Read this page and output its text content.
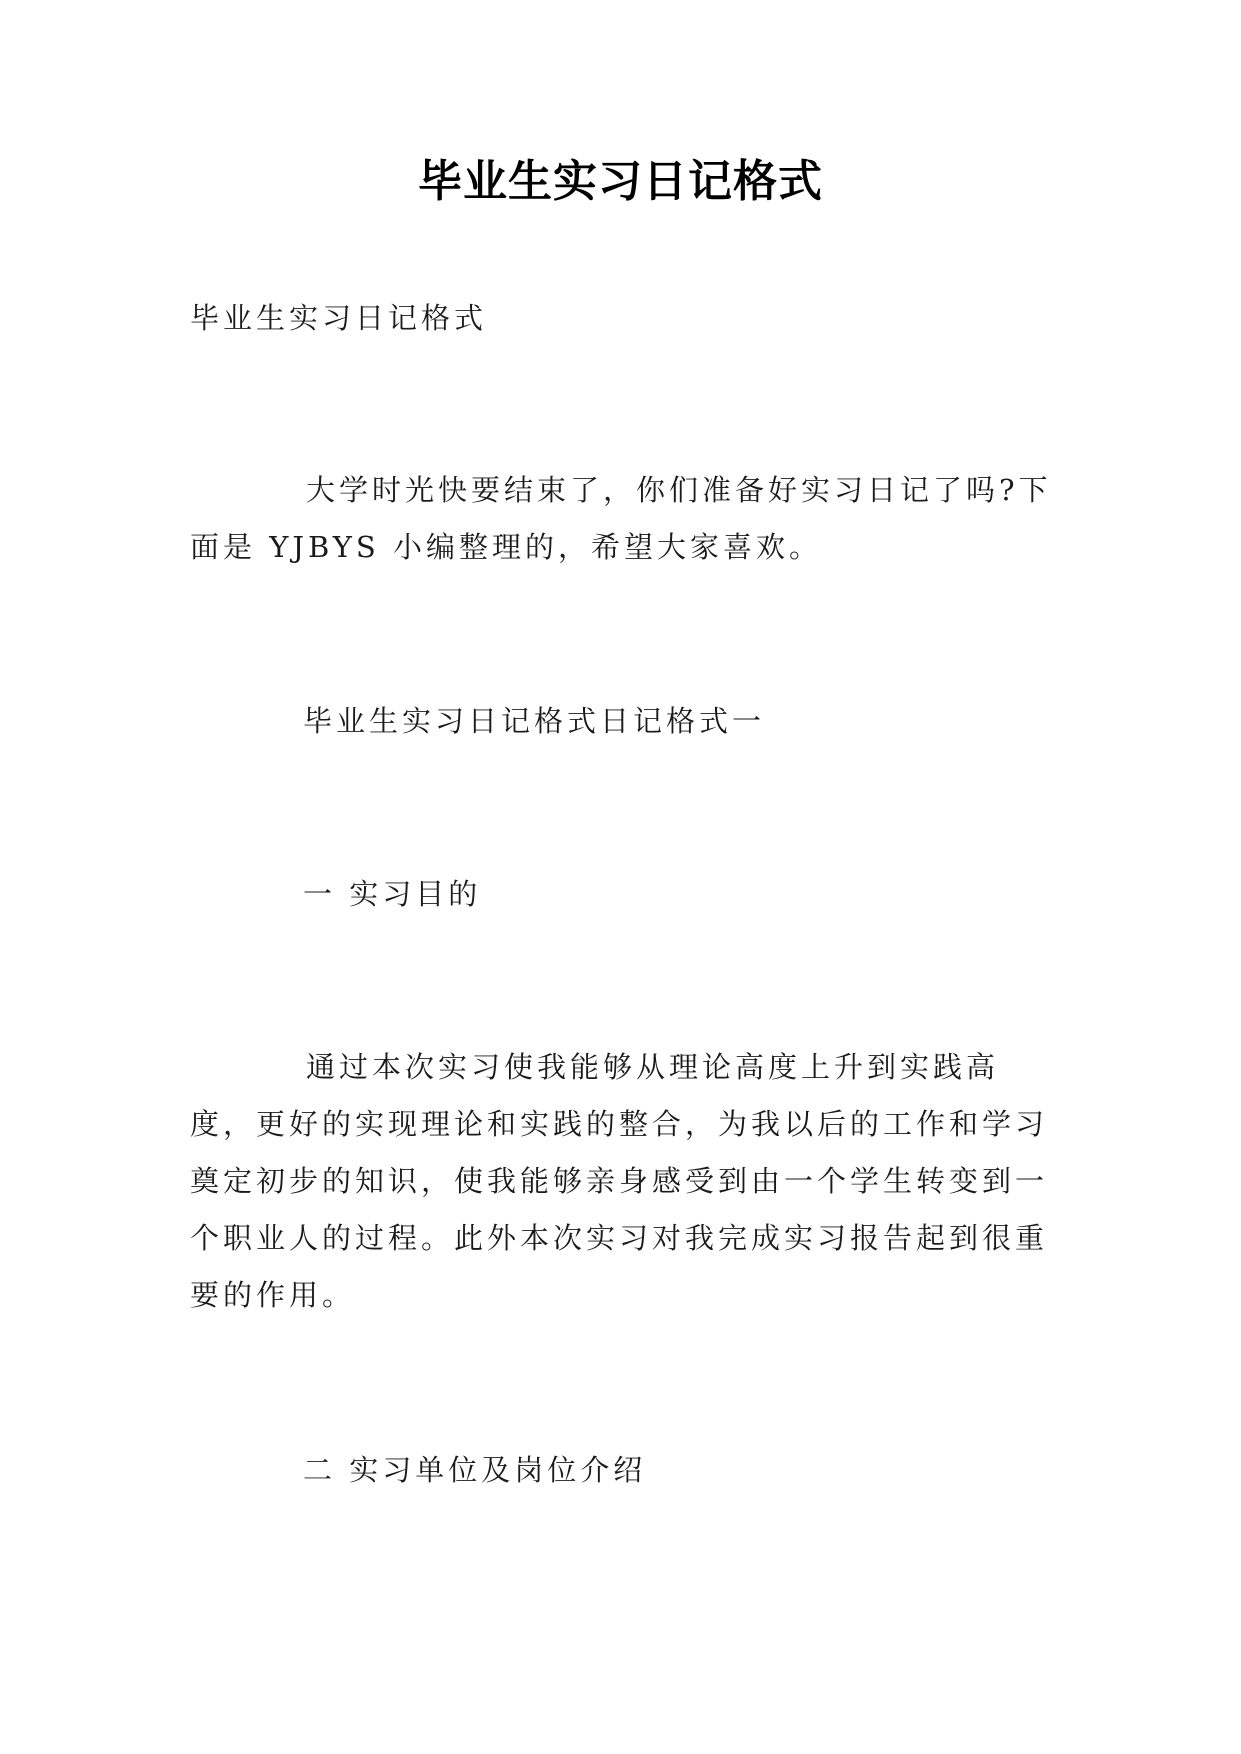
毕业生实习日记格式

毕业生实习日记格式

大学时光快要结束了，你们准备好实习日记了吗?下面是 YJBYS 小编整理的，希望大家喜欢。

毕业生实习日记格式日记格式一

一 实习目的

通过本次实习使我能够从理论高度上升到实践高度，更好的实现理论和实践的整合，为我以后的工作和学习奠定初步的知识，使我能够亲身感受到由一个学生转变到一个职业人的过程。此外本次实习对我完成实习报告起到很重要的作用。

二 实习单位及岗位介绍
